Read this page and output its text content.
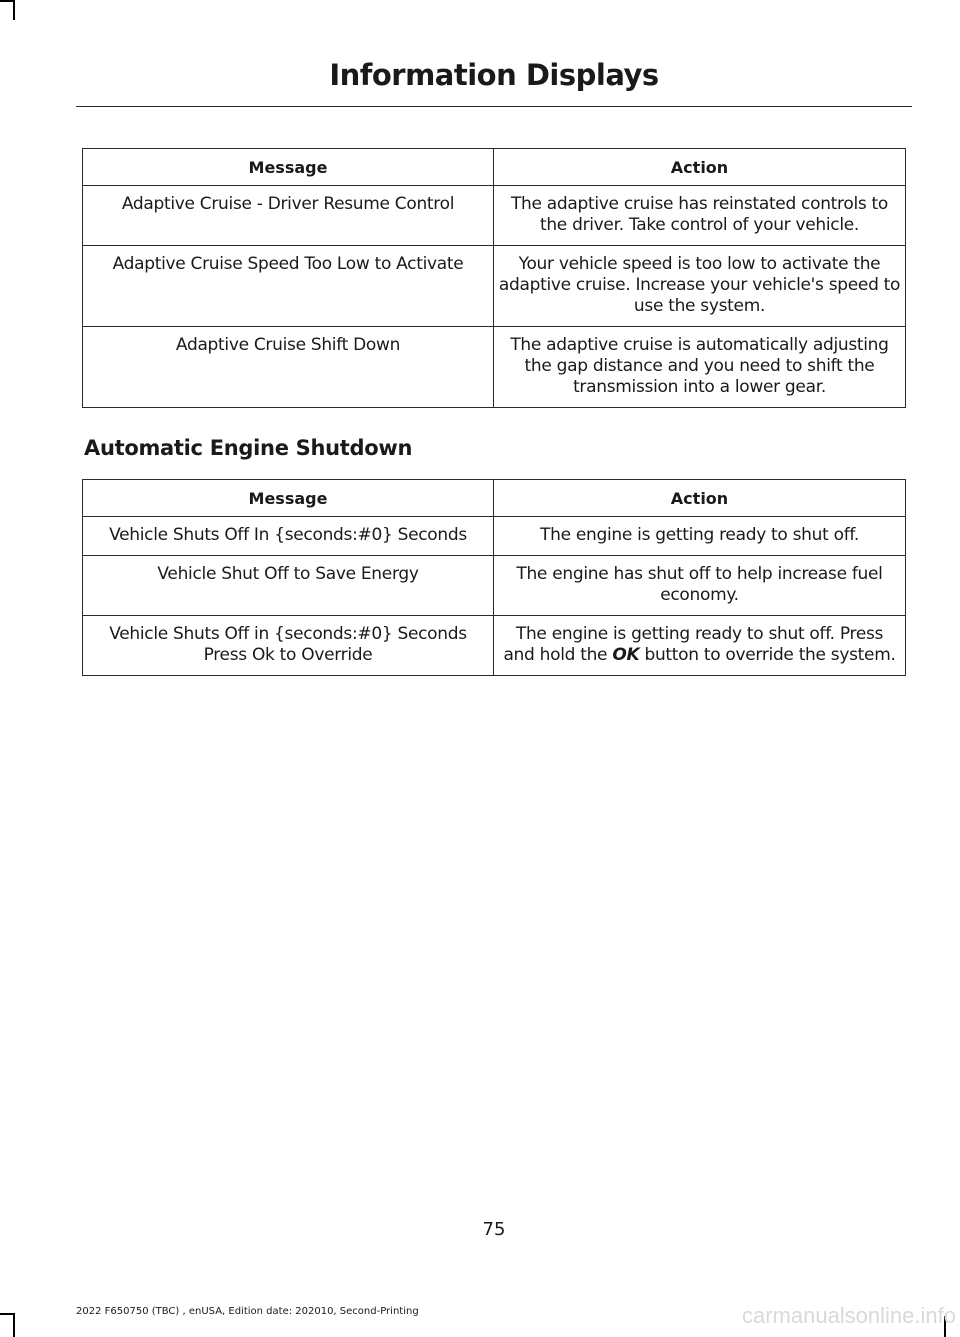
Information Displays
Message	Action
Adaptive Cruise - Driver Resume Control	The adaptive cruise has reinstated controls to the driver. Take control of your vehicle.
Adaptive Cruise Speed Too Low to Activate	Your vehicle speed is too low to activate the adaptive cruise. Increase your vehicle's speed to use the system.
Adaptive Cruise Shift Down	The adaptive cruise is automatically adjusting the gap distance and you need to shift the transmission into a lower gear.
Automatic Engine Shutdown
Message	Action
Vehicle Shuts Off In {seconds:#0} Seconds	The engine is getting ready to shut off.
Vehicle Shut Off to Save Energy	The engine has shut off to help increase fuel economy.
Vehicle Shuts Off in {seconds:#0} Seconds Press Ok to Override	The engine is getting ready to shut off. Press and hold the OK button to override the system.
75
2022 F650750 (TBC) , enUSA, Edition date: 202010, Second-Printing	carmanualsonline.info
